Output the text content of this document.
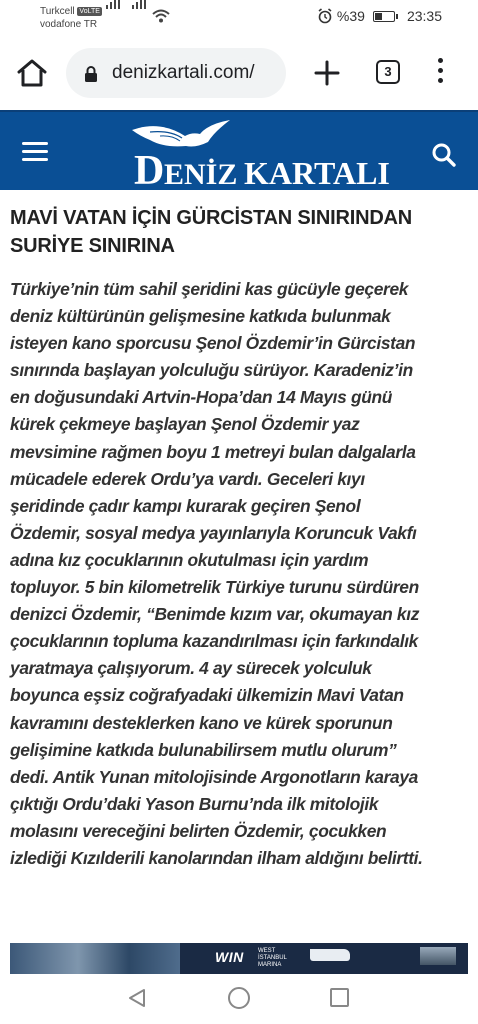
Turkcell VoLTE
vodafone TR
%39	23:35
denizkartali.com/	3
D ENİZ KARTALI
MAVİ VATAN İÇİN GÜRCİSTAN SINIRINDAN
SURİYE SINIRINA
Türkiye’nin tüm sahil şeridini kas gücüyle geçerek
deniz kültürünün gelişmesine katkıda bulunmak
isteyen kano sporcusu Şenol Özdemir’in Gürcistan
sınırında başlayan yolculuğu sürüyor. Karadeniz’in
en doğusundaki Artvin-Hopa’dan 14 Mayıs günü
kürek çekmeye başlayan Şenol Özdemir yaz
mevsimine rağmen boyu 1 metreyi bulan dalgalarla
mücadele ederek Ordu’ya vardı. Geceleri kıyı
şeridinde çadır kampı kurarak geçiren Şenol
Özdemir, sosyal medya yayınlarıyla Koruncuk Vakfı
adına kız çocuklarının okutulması için yardım
topluyor. 5 bin kilometrelik Türkiye turunu sürdüren
denizci Özdemir, “Benimde kızım var, okumayan kız
çocuklarının topluma kazandırılması için farkındalık
yaratmaya çalışıyorum. 4 ay sürecek yolculuk
boyunca eşsiz coğrafyadaki ülkemizin Mavi Vatan
kavramını desteklerken kano ve kürek sporunun
gelişimine katkıda bulunabilirsem mutlu olurum”
dedi. Antik Yunan mitolojisinde Argonotların karaya
çıktığı Ordu’daki Yason Burnu’nda ilk mitolojik
molasını vereceğini belirten Özdemir, çocukken
izlediği Kızılderili kanolarından ilham aldığını belirtti.
WIN WEST
İSTANBUL
MARINA
